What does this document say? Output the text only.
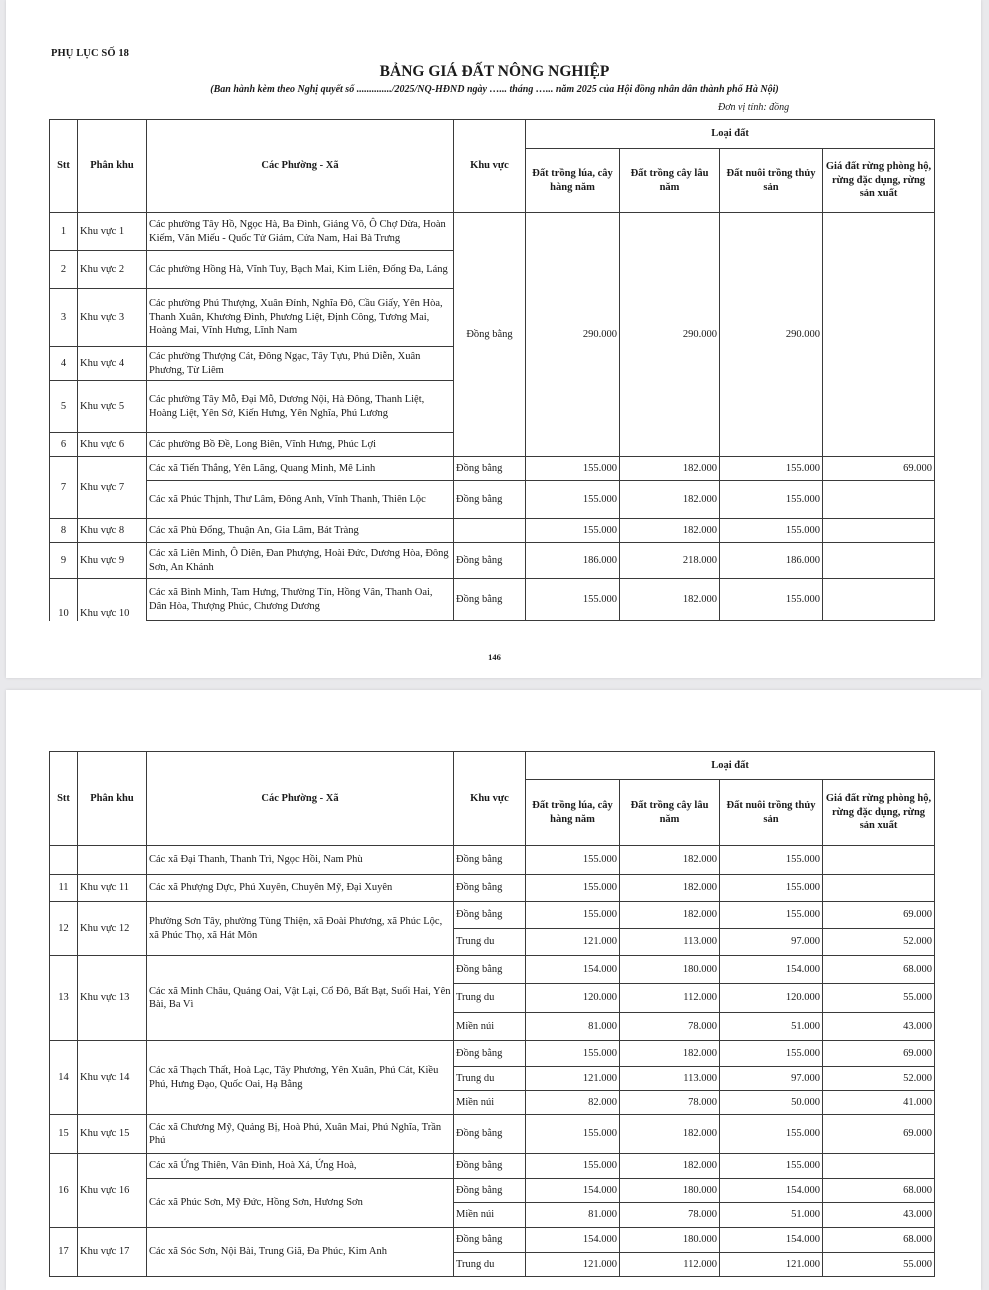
PHỤ LỤC SỐ 18
BẢNG GIÁ ĐẤT NÔNG NGHIỆP
(Ban hành kèm theo Nghị quyết số ............../2025/NQ-HĐND ngày …... tháng …... năm 2025 của Hội đồng nhân dân thành phố Hà Nội)
Đơn vị tính: đồng
Stt	Phân khu	Các Phường - Xã	Khu vực	Loại đất			
				Đất trồng lúa, cây hàng năm	Đất trồng cây lâu năm	Đất nuôi trồng thủy sản	Giá đất rừng phòng hộ, rừng đặc dụng, rừng sản xuất
1	Khu vực 1	Các phường Tây Hồ, Ngọc Hà, Ba Đình, Giảng Võ, Ô Chợ Dừa, Hoàn Kiếm, Văn Miếu - Quốc Tử Giám, Cửa Nam, Hai Bà Trưng	Đồng bằng	290.000	290.000	290.000	
2	Khu vực 2	Các phường Hồng Hà, Vĩnh Tuy, Bạch Mai, Kim Liên, Đống Đa, Láng					
3	Khu vực 3	Các phường Phú Thượng, Xuân Đỉnh, Nghĩa Đô, Cầu Giấy, Yên Hòa, Thanh Xuân, Khương Đình, Phương Liệt, Định Công, Tương Mai, Hoàng Mai, Vĩnh Hưng, Lĩnh Nam					
4	Khu vực 4	Các phường Thượng Cát, Đông Ngạc, Tây Tựu, Phú Diễn, Xuân Phương, Từ Liêm					
5	Khu vực 5	Các phường Tây Mỗ, Đại Mỗ, Dương Nội, Hà Đông, Thanh Liệt, Hoàng Liệt, Yên Sở, Kiến Hưng, Yên Nghĩa, Phú Lương					
6	Khu vực 6	Các phường Bồ Đề, Long Biên, Vĩnh Hưng, Phúc Lợi					
7	Khu vực 7	Các xã Tiến Thắng, Yên Lãng, Quang Minh, Mê Linh	Đồng bằng	155.000	182.000	155.000	69.000
		Các xã Phúc Thịnh, Thư Lâm, Đông Anh, Vĩnh Thanh, Thiên Lộc	Đồng bằng	155.000	182.000	155.000	
8	Khu vực 8	Các xã Phù Đổng, Thuận An, Gia Lâm, Bát Tràng		155.000	182.000	155.000	
9	Khu vực 9	Các xã Liên Minh, Ô Diên, Đan Phượng, Hoài Đức, Dương Hòa, Đông Sơn, An Khánh	Đồng bằng	186.000	218.000	186.000	
10	Khu vực 10	Các xã Bình Minh, Tam Hưng, Thường Tín, Hồng Vân, Thanh Oai, Dân Hòa, Thượng Phúc, Chương Dương	Đồng bằng	155.000	182.000	155.000	
146
Stt	Phân khu	Các Phường - Xã	Khu vực	Loại đất			
				Đất trồng lúa, cây hàng năm	Đất trồng cây lâu năm	Đất nuôi trồng thủy sản	Giá đất rừng phòng hộ, rừng đặc dụng, rừng sản xuất
		Các xã Đại Thanh, Thanh Trì, Ngọc Hồi, Nam Phù	Đồng bằng	155.000	182.000	155.000	
11	Khu vực 11	Các xã Phượng Dực, Phú Xuyên, Chuyên Mỹ, Đại Xuyên	Đồng bằng	155.000	182.000	155.000	
12	Khu vực 12	Phường Sơn Tây, phường Tùng Thiện, xã Đoài Phương, xã Phúc Lộc, xã Phúc Thọ, xã Hát Môn	Đồng bằng	155.000	182.000	155.000	69.000
			Trung du	121.000	113.000	97.000	52.000
13	Khu vực 13	Các xã Minh Châu, Quảng Oai, Vật Lại, Cổ Đô, Bất Bạt, Suối Hai, Yên Bài, Ba Vì	Đồng bằng	154.000	180.000	154.000	68.000
			Trung du	120.000	112.000	120.000	55.000
			Miền núi	81.000	78.000	51.000	43.000
14	Khu vực 14	Các xã Thạch Thất, Hoà Lạc, Tây Phương, Yên Xuân, Phú Cát, Kiều Phú, Hưng Đạo, Quốc Oai, Hạ Bằng	Đồng bằng	155.000	182.000	155.000	69.000
			Trung du	121.000	113.000	97.000	52.000
			Miền núi	82.000	78.000	50.000	41.000
15	Khu vực 15	Các xã Chương Mỹ, Quảng Bị, Hoà Phú, Xuân Mai, Phú Nghĩa, Trần Phú	Đồng bằng	155.000	182.000	155.000	69.000
16	Khu vực 16	Các xã Ứng Thiên, Vân Đình, Hoà Xá, Ứng Hoà,	Đồng bằng	155.000	182.000	155.000	
		Các xã Phúc Sơn, Mỹ Đức, Hồng Sơn, Hương Sơn	Đồng bằng	154.000	180.000	154.000	68.000
			Miền núi	81.000	78.000	51.000	43.000
17	Khu vực 17	Các xã Sóc Sơn, Nội Bài, Trung Giã, Đa Phúc, Kim Anh	Đồng bằng	154.000	180.000	154.000	68.000
			Trung du	121.000	112.000	121.000	55.000
